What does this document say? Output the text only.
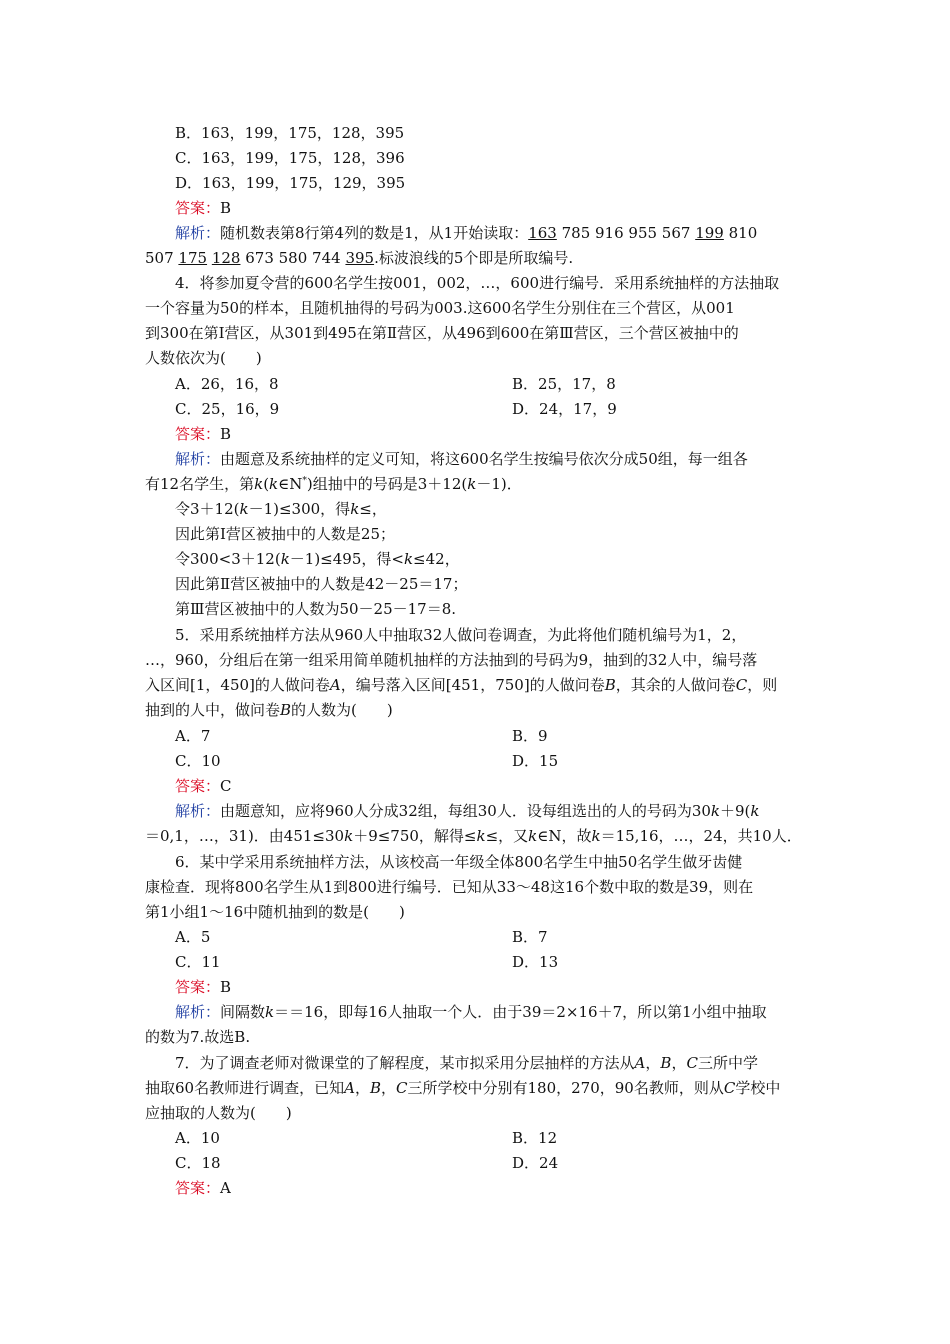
B．163，199，175，128，395
C．163，199，175，128，396
D．163，199，175，129，395
答案：B
解析：随机数表第8行第4列的数是1，从1开始读取：163 785 916 955 567 199 810
507 175 128 673 580 744 395.标波浪线的5个即是所取编号.
4．将参加夏令营的600名学生按001，002，…，600进行编号．采用系统抽样的方法抽取
一个容量为50的样本，且随机抽得的号码为003.这600名学生分别住在三个营区，从001
到300在第Ⅰ营区，从301到495在第Ⅱ营区，从496到600在第Ⅲ营区，三个营区被抽中的
人数依次为(　　)
A．26，16，8	B．25，17，8
C．25，16，9	D．24，17，9
答案：B
解析：由题意及系统抽样的定义可知，将这600名学生按编号依次分成50组，每一组各
有12名学生，第k(k∈N*)组抽中的号码是3＋12(k－1)．
令3＋12(k－1)≤300，得k≤，
因此第Ⅰ营区被抽中的人数是25；
令300<3＋12(k－1)≤495，得<k≤42，
因此第Ⅱ营区被抽中的人数是42－25＝17；
第Ⅲ营区被抽中的人数为50－25－17＝8.
5．采用系统抽样方法从960人中抽取32人做问卷调查，为此将他们随机编号为1，2，
…，960，分组后在第一组采用简单随机抽样的方法抽到的号码为9，抽到的32人中，编号落
入区间[1，450]的人做问卷A，编号落入区间[451，750]的人做问卷B，其余的人做问卷C，则
抽到的人中，做问卷B的人数为(　　)
A．7	B．9
C．10	D．15
答案：C
解析：由题意知，应将960人分成32组，每组30人．设每组选出的人的号码为30k＋9(k
＝0,1，…，31)．由451≤30k＋9≤750，解得≤k≤，又k∈N，故k＝15,16，…，24，共10人．
6．某中学采用系统抽样方法，从该校高一年级全体800名学生中抽50名学生做牙齿健
康检查．现将800名学生从1到800进行编号．已知从33～48这16个数中取的数是39，则在
第1小组1～16中随机抽到的数是(　　)
A．5	B．7
C．11	D．13
答案：B
解析：间隔数k＝＝16，即每16人抽取一个人．由于39＝2×16＋7，所以第1小组中抽取
的数为7.故选B.
7．为了调查老师对微课堂的了解程度，某市拟采用分层抽样的方法从A，B，C三所中学
抽取60名教师进行调查，已知A，B，C三所学校中分别有180，270，90名教师，则从C学校中
应抽取的人数为(　　)
A．10	B．12
C．18	D．24
答案：A
